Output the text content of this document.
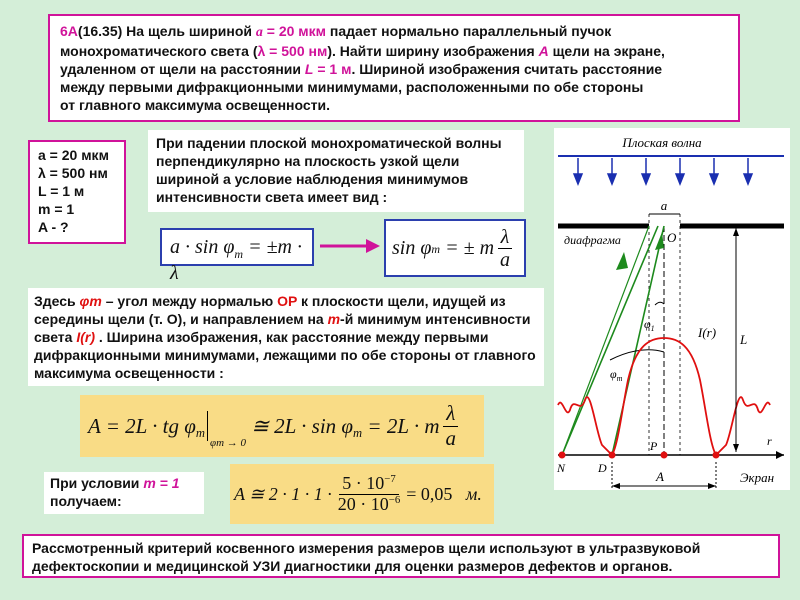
6А(16.35) На щель шириной a = 20 мкм падает нормально параллельный пучок
монохроматического света (λ = 500 нм). Найти ширину изображения A щели на экране,
удаленном от щели на расстоянии L = 1 м. Шириной изображения считать расстояние
между первыми дифракционными минимумами, расположенными по обе стороны
от главного максимума освещенности.
a = 20 мкм
λ = 500 нм
L = 1 м
m = 1
A - ?
При падении плоской монохроматической волны перпендикулярно на плоскость узкой щели шириной a условие наблюдения минимумов интенсивности света имеет вид :
$a \cdot \sin \varphi_m = \pm m \cdot \lambda$
sin φ m
= ±
m $\frac{\lambda}{a}$
Здесь φm – угол между нормалью OP к плоскости щели, идущей из середины щели (т. O), и направлением на m-й минимум интенсивности света I(r) . Ширина изображения, как расстояние между первыми дифракционными минимумами, лежащими по обе стороны от главного максимума освещенности :
A = 2L · tg $\varphi_m$
$_{\varphi m \to 0}$

≅ $2L \cdot \sin \varphi_m$
= 2L · m $\frac{\lambda}{a}$
При условии m = 1
получаем:	A ≅ $2 \cdot 1 \cdot 1 \cdot \frac{5 \cdot 10^{-7}}{20 \cdot 10^{-6}} = 0,05$
м.
Рассмотренный критерий косвенного измерения размеров щели используют в ультразвуковой дефектоскопии и медицинской УЗИ диагностики для оценки размеров дефектов и органов.
Плоская волна
a
диафрагма	O
$\varphi_1$
$\varphi_m$
I(r) L
r
P
N	D
A	Экран
